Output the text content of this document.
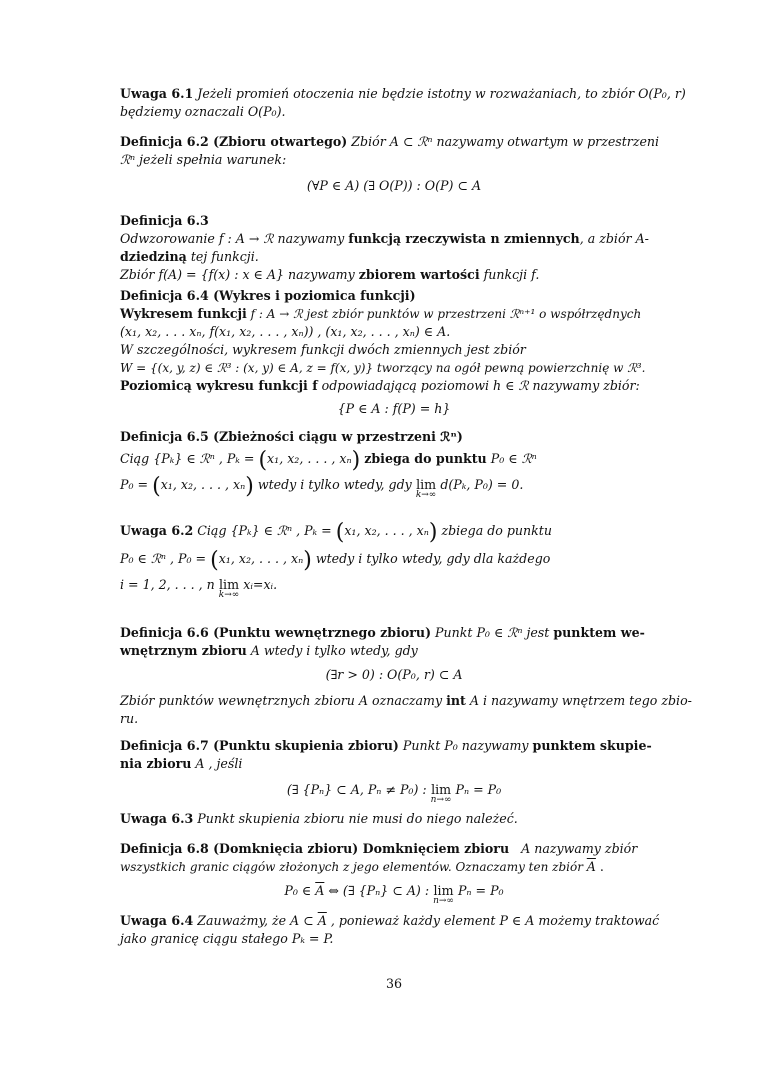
Uwaga 6.1 Jeżeli promień otoczenia nie będzie istotny w rozważaniach, to zbiór O(P₀, r)
będziemy oznaczali O(P₀).
Definicja 6.2 (Zbioru otwartego) Zbiór A ⊂ ℛⁿ nazywamy otwartym w przestrzeni
ℛⁿ jeżeli spełnia warunek:
(∀P ∈ A) (∃ O(P)) : O(P) ⊂ A
Definicja 6.3
Odwzorowanie f : A → ℛ nazywamy funkcją rzeczywista n zmiennych, a zbiór A-
dziedziną tej funkcji.
Zbiór f(A) = {f(x) : x ∈ A} nazywamy zbiorem wartości funkcji f.
Definicja 6.4 (Wykres i poziomica funkcji)
Wykresem funkcji f : A → ℛ jest zbiór punktów w przestrzeni ℛⁿ⁺¹ o współrzędnych
(x₁, x₂, . . . xₙ, f(x₁, x₂, . . . , xₙ)) , (x₁, x₂, . . . , xₙ) ∈ A.
W szczególności, wykresem funkcji dwóch zmiennych jest zbiór
W = {(x, y, z) ∈ ℛ³ : (x, y) ∈ A, z = f(x, y)} tworzący na ogół pewną powierzchnię w ℛ³.
Poziomicą wykresu funkcji f odpowiadającą poziomowi h ∈ ℛ nazywamy zbiór:
{P ∈ A : f(P) = h}
Definicja 6.5 (Zbieżności ciągu w przestrzeni ℛⁿ)
Ciąg {Pₖ} ∈ ℛⁿ , Pₖ = (x₁, x₂, . . . , xₙ) zbiega do punktu P₀ ∈ ℛⁿ
P₀ = (x₁, x₂, . . . , xₙ) wtedy i tylko wtedy, gdy lim
k→∞
d(Pₖ, P₀) = 0.
Uwaga 6.2 Ciąg {Pₖ} ∈ ℛⁿ , Pₖ = (x₁, x₂, . . . , xₙ) zbiega do punktu
P₀ ∈ ℛⁿ , P₀ = (x₁, x₂, . . . , xₙ) wtedy i tylko wtedy, gdy dla każdego
i = 1, 2, . . . , n lim
k→∞
xᵢ=xᵢ.
Definicja 6.6 (Punktu wewnętrznego zbioru) Punkt P₀ ∈ ℛⁿ jest punktem we-
wnętrznym zbioru A wtedy i tylko wtedy, gdy
(∃r > 0) : O(P₀, r) ⊂ A
Zbiór punktów wewnętrznych zbioru A oznaczamy int A i nazywamy wnętrzem tego zbio-
ru.
Definicja 6.7 (Punktu skupienia zbioru) Punkt P₀ nazywamy punktem skupie-
nia zbioru A , jeśli
(∃ {Pₙ} ⊂ A, Pₙ ≠ P₀) : lim
n→∞
Pₙ = P₀
Uwaga 6.3 Punkt skupienia zbioru nie musi do niego należeć.
Definicja 6.8 (Domknięcia zbioru) Domknięciem zbioru A nazywamy zbiór
wszystkich granic ciągów złożonych z jego elementów. Oznaczamy ten zbiór $\overline{A}$ .
P₀ ∈ $\overline{A}$ ⇔ (∃ {Pₙ} ⊂ A) : lim
n→∞
Pₙ = P₀
Uwaga 6.4 Zauważmy, że A ⊂ $\overline{A}$ , ponieważ każdy element P ∈ A możemy traktować
jako granicę ciągu stałego Pₖ = P.
36
